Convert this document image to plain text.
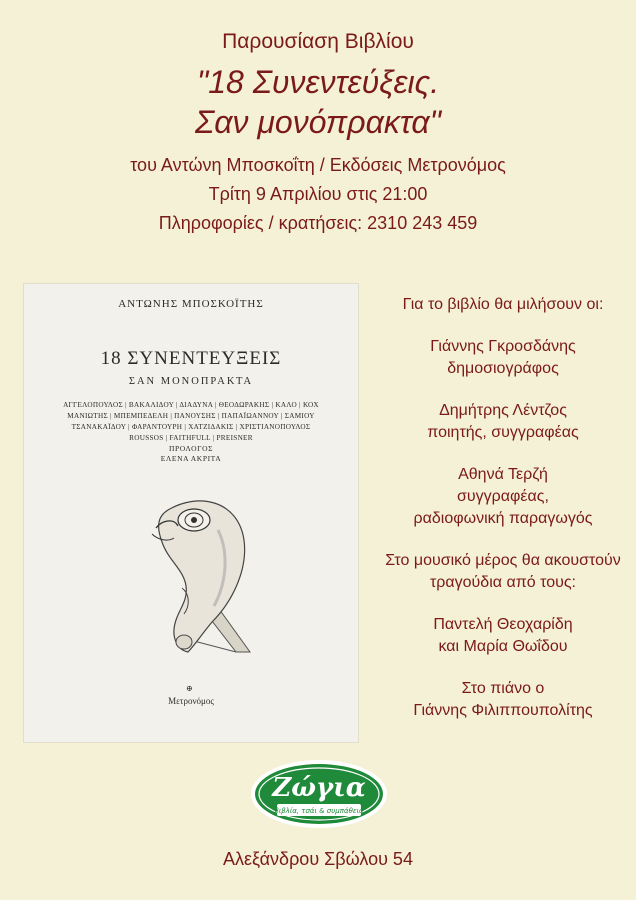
Παρουσίαση Βιβλίου
"18 Συνεντεύξεις.
Σαν μονόπρακτα"
του Αντώνη Μποσκοΐτη / Εκδόσεις Μετρονόμος
Τρίτη 9 Απριλίου στις 21:00
Πληροφορίες / κρατήσεις: 2310 243 459
ΑΝΤΩΝΗΣ ΜΠΟΣΚΟΪΤΗΣ
18 ΣΥΝΕΝΤΕΥΞΕΙΣ
ΣΑΝ ΜΟΝΟΠΡΑΚΤΑ
ΑΓΓΕΛΟΠΟΥΛΟΣ | ΒΑΚΑΛΙΔΟΥ | ΔΙΑΔΥΝΑ | ΘΕΟΔΩΡΑΚΗΣ | ΚΑΛΟ | ΚΟΧ
ΜΑΝΙΩΤΗΣ | ΜΠΕΜΠΕΔΕΛΗ | ΠΑΝΟΥΣΗΣ | ΠΑΠΑΪΩΑΝΝΟΥ | ΣΑΜΙΟΥ
ΤΣΑΝΑΚΑΪΔΟΥ | ΦΑΡΑΝΤΟΥΡΗ | ΧΑΤΖΙΔΑΚΙΣ | ΧΡΙΣΤΙΑΝΟΠΟΥΛΟΣ
ROUSSOS | FAITHFULL | PREISNER
ΠΡΟΛΟΓΟΣ
ΕΛΕΝΑ ΑΚΡΙΤΑ
⊕
Μετρονόμος
Για το βιβλίο θα μιλήσουν οι:
Γιάννης Γκροσδάνης
δημοσιογράφος
Δημήτρης Λέντζος
ποιητής, συγγραφέας
Αθηνά Τερζή
συγγραφέας,
ραδιοφωνική παραγωγός
Στο μουσικό μέρος θα ακουστούν
τραγούδια από τους:
Παντελή Θεοχαρίδη
και Μαρία Θωΐδου
Στο πιάνο ο
Γιάννης Φιλιππουπολίτης
Ζώγια
βιβλία, τσάι & συμπάθεια
Αλεξάνδρου Σβώλου 54
